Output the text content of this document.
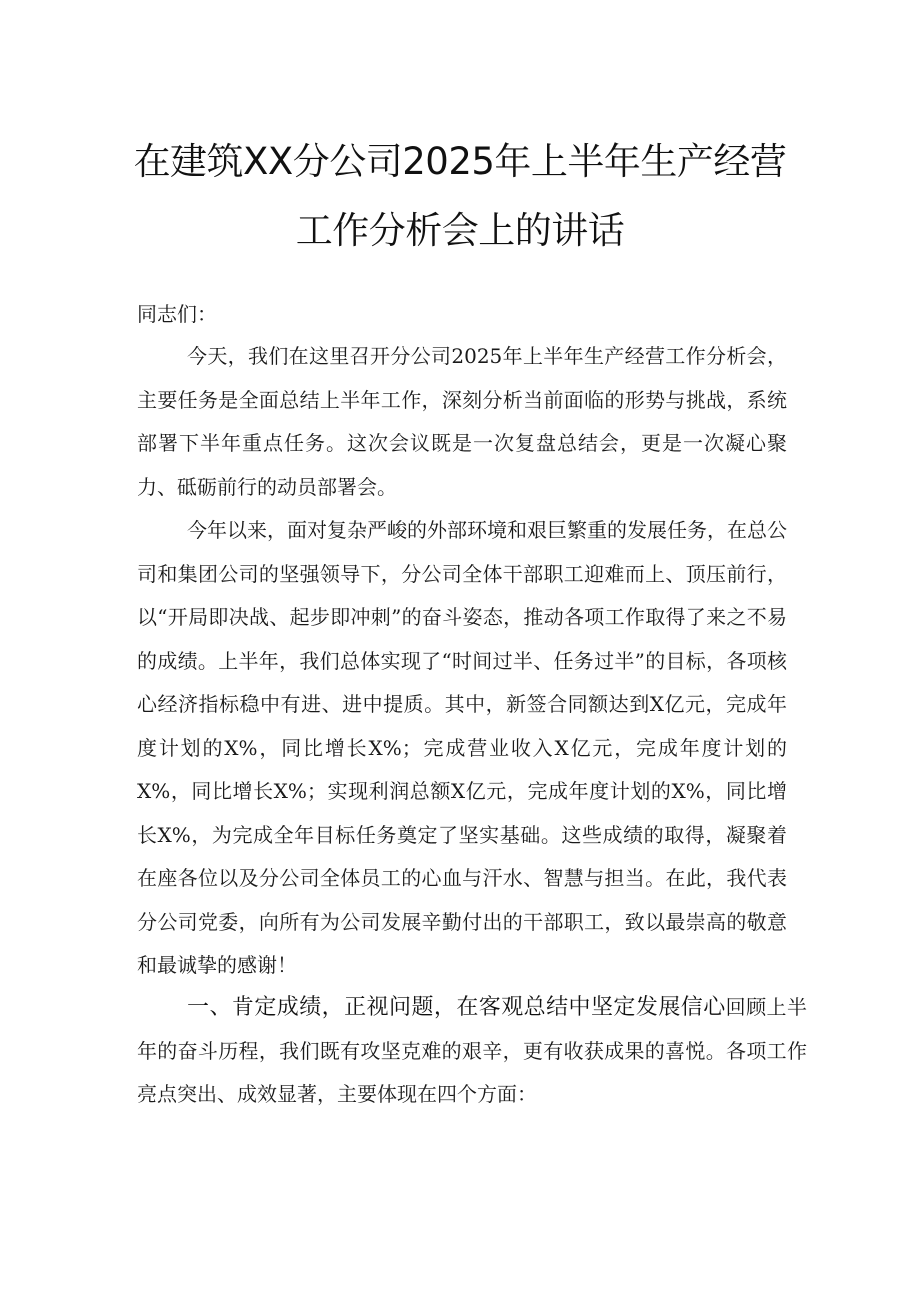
在建筑XX分公司2025年上半年生产经营
工作分析会上的讲话
同志们：
今天，我们在这里召开分公司2025年上半年生产经营工作分析会，主要任务是全面总结上半年工作，深刻分析当前面临的形势与挑战，系统部署下半年重点任务。这次会议既是一次复盘总结会，更是一次凝心聚力、砥砺前行的动员部署会。
今年以来，面对复杂严峻的外部环境和艰巨繁重的发展任务，在总公司和集团公司的坚强领导下，分公司全体干部职工迎难而上、顶压前行，以“开局即决战、起步即冲刺”的奋斗姿态，推动各项工作取得了来之不易的成绩。上半年，我们总体实现了“时间过半、任务过半”的目标，各项核心经济指标稳中有进、进中提质。其中，新签合同额达到X亿元，完成年度计划的X%，同比增长X%；完成营业收入X亿元，完成年度计划的X%，同比增长X%；实现利润总额X亿元，完成年度计划的X%，同比增长X%，为完成全年目标任务奠定了坚实基础。这些成绩的取得，凝聚着在座各位以及分公司全体员工的心血与汗水、智慧与担当。在此，我代表分公司党委，向所有为公司发展辛勤付出的干部职工，致以最崇高的敬意和最诚挚的感谢！
一、肯定成绩，正视问题，在客观总结中坚定发展信心回顾上半年的奋斗历程，我们既有攻坚克难的艰辛，更有收获成果的喜悦。各项工作亮点突出、成效显著，主要体现在四个方面：
